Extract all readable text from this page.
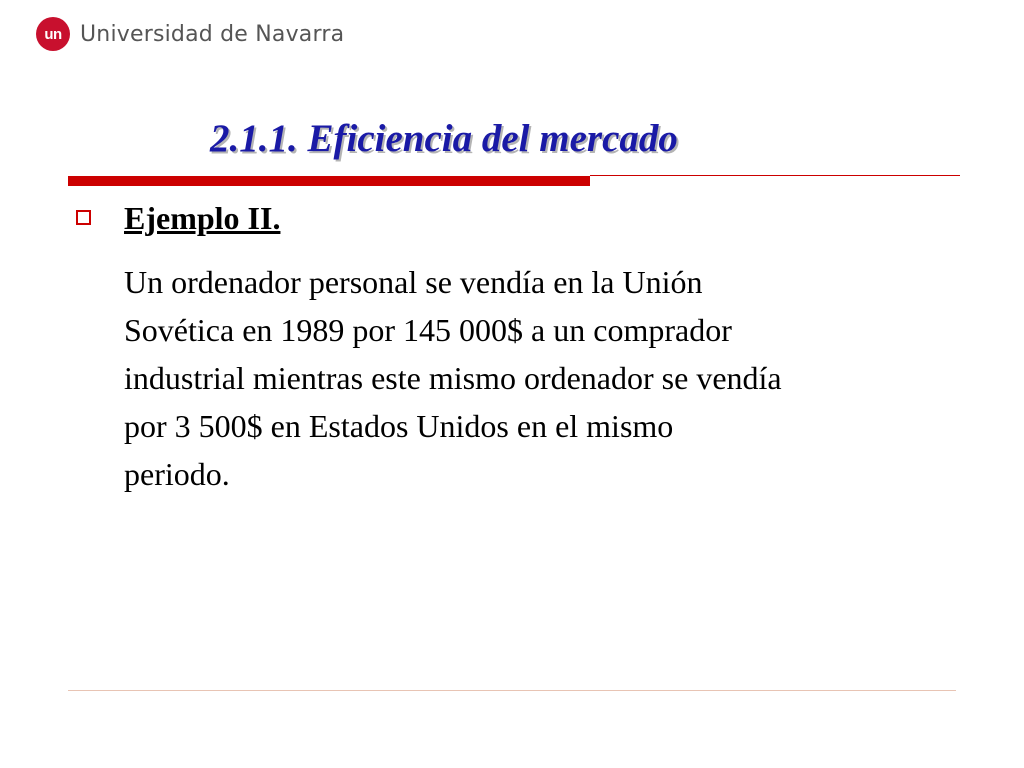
un Universidad de Navarra
2.1.1. Eficiencia del mercado
Ejemplo II.

Un ordenador personal se vendía en la Unión
Sovética en 1989 por 145 000$ a un comprador
industrial mientras este mismo ordenador se vendía
por 3 500$ en Estados Unidos en el mismo
periodo.
